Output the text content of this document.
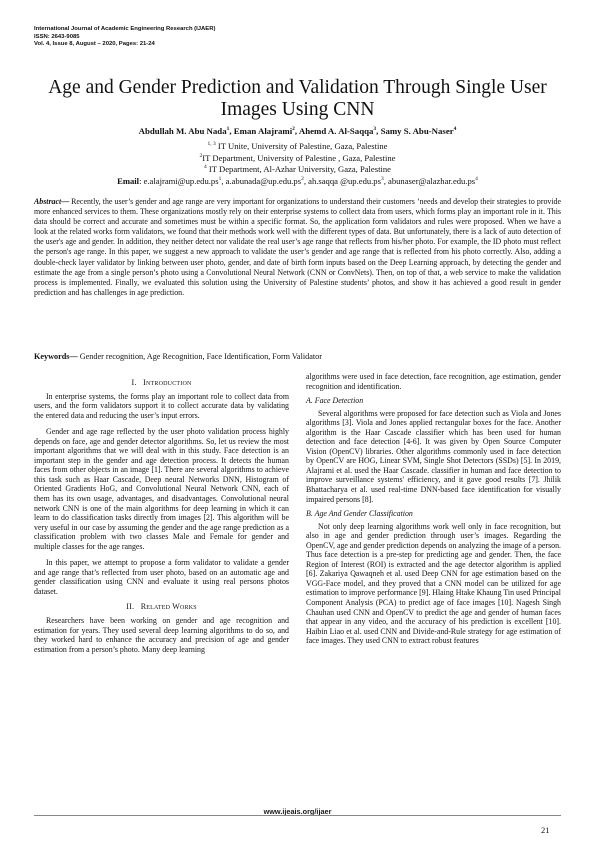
International Journal of Academic Engineering Research (IJAER)
ISSN: 2643-9085
Vol. 4, Issue 8, August – 2020, Pages: 21-24
Age and Gender Prediction and Validation Through Single User Images Using CNN
Abdullah M. Abu Nada$^1$, Eman Alajrami$^2$, Ahemd A. Al-Saqqa$^3$, Samy S. Abu-Naser$^4$
$^{1, 3}$ IT Unite, University of Palestine, Gaza, Palestine
$^2$IT Department, University of Palestine , Gaza, Palestine
$^4$ IT Department, Al-Azhar University, Gaza, Palestine
Email: $e.alajrami@up.edu.ps^1$, $a.abunada@up.edu.ps^2$, ah.saqqa $@up.edu.ps^3$, $abunaser@alazhar.edu.ps^4$
Abstract— Recently, the user’s gender and age range are very important for organizations to understand their customers ’needs and develop their strategies to provide more enhanced services to them. These organizations mostly rely on their enterprise systems to collect data from users, which forms play an important role in it. This data should be correct and accurate and sometimes must be within a specific format. So, the application form validators and rules were proposed. When we have a look at the related works form validators, we found that their methods work well with the different types of data. But unfortunately, there is a lack of auto detection of the user's age and gender. In addition, they neither detect nor validate the real user’s age range that reflects from his/her photo. For example, the ID photo must reflect the person's age range. In this paper, we suggest a new approach to validate the user’s gender and age range that is reflected from his photo correctly. Also, adding a double-check layer validator by linking between user photo, gender, and date of birth form inputs based on the Deep Learning approach, by detecting the gender and estimate the age from a single person’s photo using a Convolutional Neural Network (CNN or ConvNets). Then, on top of that, a web service to make the validation process is implemented. Finally, we evaluated this solution using the University of Palestine students’ photos, and show it has achieved a good result in gender prediction and has challenges in age prediction.
Keywords— Gender recognition, Age Recognition, Face Identification, Form Validator
I. Introduction

In enterprise systems, the forms play an important role to collect data from users, and the form validators support it to collect accurate data by validating the entered data and reducing the user’s input errors.

Gender and age rage reflected by the user photo validation process highly depends on face, age and gender detector algorithms. So, let us review the most important algorithms that we will deal with in this study. Face detection is an important step in the gender and age detection process. It detects the human faces from other objects in an image [1]. There are several algorithms to achieve this task such as Haar Cascade, Deep neural Networks DNN, Histogram of Oriented Gradients HoG, and Convolutional Neural Network CNN, each of them has its own usage, advantages, and disadvantages. Convolutional neural network CNN is one of the main algorithms for deep learning in which it can learn to do classification tasks directly from images [2]. This algorithm will be very useful in our case by assuming the gender and the age range prediction as a classification problem with two classes Male and Female for gender and multiple classes for the age ranges.

In this paper, we attempt to propose a form validator to validate a gender and age range that’s reflected from user photo, based on an automatic age and gender classification using CNN and evaluate it using real persons photos dataset.

II. Related Works

Researchers have been working on gender and age recognition and estimation for years. They used several deep learning algorithms to do so, and they worked hard to enhance the accuracy and precision of age and gender estimation from a person’s photo. Many deep learning

algorithms were used in face detection, face recognition, age estimation, gender recognition and identification.

A. Face Detection

Several algorithms were proposed for face detection such as Viola and Jones algorithms [3]. Viola and Jones applied rectangular boxes for the face. Another algorithm is the Haar Cascade classifier which has been used for human detection and face detection [4-6]. It was given by Open Source Computer Vision (OpenCV) libraries. Other algorithms commonly used in face detection by OpenCV are HOG, Linear SVM, Single Shot Detectors (SSDs) [5]. In 2019, Alajrami et al. used the Haar Cascade. classifier in human and face detection to improve surveillance systems' efficiency, and it gave good results [7]. Jhilik Bhattacharya et al. used real-time DNN-based face identification for visually impaired persons [8].

B. Age And Gender Classification

Not only deep learning algorithms work well only in face recognition, but also in age and gender prediction through user’s images. Regarding the OpenCV, age and gender prediction depends on analyzing the image of a person. Thus face detection is a pre-step for predicting age and gender. Then, the face Region of Interest (ROI) is extracted and the age detector algorithm is applied [6]. Zakariya Qawaqneh et al. used Deep CNN for age estimation based on the VGG-Face model, and they proved that a CNN model can be utilized for age estimation to improve performance [9]. Hlaing Htake Khaung Tin used Principal Component Analysis (PCA) to predict age of face images [10]. Nagesh Singh Chauhan used CNN and OpenCV to predict the age and gender of human faces that appear in any video, and the accuracy of his prediction is excellent [10]. Haibin Liao et al. used CNN and Divide-and-Rule strategy for age estimation of face images. They used CNN to extract robust features

www.ijeais.org/ijaer
21
